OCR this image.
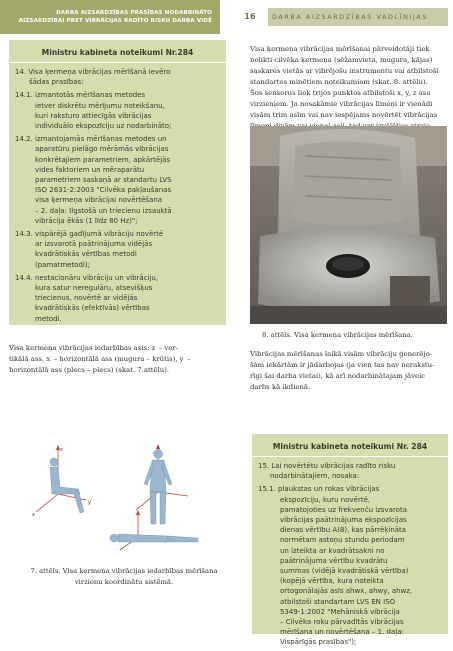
DARBA AIZSARDZĪBAS PRASĪBAS NODARBINĀTO
AIZSARDZĪBAI PRET VIBRĀCIJAS RADĪTO RISKU DARBA VIDĒ	16	DARBA AIZSARDZĪBAS VADLĪNIJAS
Ministru kabineta noteikumi Nr.284
14. Visa ķermeņa vibrācijas mērīšanā ievēro
šādas prasības:
14.1. izmantotās mērīšanas metodes
ietver diskrētu mērījumu noteikšanu,
kuri raksturo attiecīgās vibrācijas
individuālo ekspozīciju uz nodarbināto;
14.2. izmantojamās mērīšanas metodes un
aparatūru pielāgo mērāmās vibrācijas
konkrētajiem parametriem, apkārtējās
vides faktoriem un mēraparātu
parametriem saskaņā ar standartu LVS
ISO 2631-2:2003 "Cilvēka pakļaušanas
visa ķermeņa vibrācijai novērtēšana
– 2. daļa: Ilgstošā un triecienu izsauktā
vibrācija ēkās (1 līdz 80 Hz)";
14.3. vispārējā gadījumā vibrāciju novērtē
ar izsvarotā paātrinājuma vidējās
kvadrātiskās vērtības metodi
(pamatmetodi);
14.4. nestacionāru vibrāciju un vibrāciju,
kura satur neregulāru, atsevišķus
triecienus, novērtē ar vidējās
kvadrātiskās (efektīvās) vērtības
metodi.
Visa ķermeņa vibrācijas mērīšanai pārveidotāji tiek
nolikti cilvēka ķermeņa (sēžamvieta, mugura, kājas)
saskares vietās ar vibrējošu instrumentu vai atbilstoši
standartos minētiem noteikumiem (skat. 8. attēlu).
Šos sensorus liek trijos punktos atbilstoši x, y, z asu
virzieniem. Ja nosakāmie vibrācijas līmeņi ir vienādi
visām trim asīm vai nav iespējams novērtēt vibrācijas
8. attēls. Visa ķermeņa vibrācijas mērīšana.
Vibrācijas mērīšanas laikā visām vibrāciju ģenerējo-
šām iekārtām ir jādarbojas (ja vien tas nav nerakstu-
rīgi šai darba vietai), kā arī nodarbinātajam jāveic
darbs kā ikdienā.
Visa ķermeņa vibrācijas iedarbības asis: z  – ver-
tikālā ass, x  – horizontālā ass (mugura – krūtis), y  –
horizontālā ass (plecs – plecs) (skat. 7.attēlu).
z
x
y
7. attēls. Visa ķermeņa vibrācijas iedarbības mērīšana
virzienu koordinātu sistēmā.
Ministru kabineta noteikumi Nr. 284
15. Lai novērtētu vibrācijas radīto risku
nodarbinātajiem, nosaka:
15.1. plaukstas un rokas vibrācijas
ekspozīciju, kuru novērtē,
pamatojoties uz frekvenču izsvarota
vibrācijas paātrinājuma ekspozīcijas
dienas vērtību A(8), kas pārrēķināta
normētam astoņu stundu periodam
un izteikta ar kvadrātsakni no
paātrinājuma vērtību kvadrātu
summas (vidējā kvadrātiskā vērtība)
(kopējā vērtība, kura noteikta
ortogonālajās asīs ahwx, ahwy, ahwz,
atbilstoši standartam LVS EN ISO
5349-1:2002 "Mehāniskā vibrācija
– Cilvēka roku pārvadītās vibrācijas
mērīšana un novērtēšana – 1. daļa:
Vispārīgās prasības");
